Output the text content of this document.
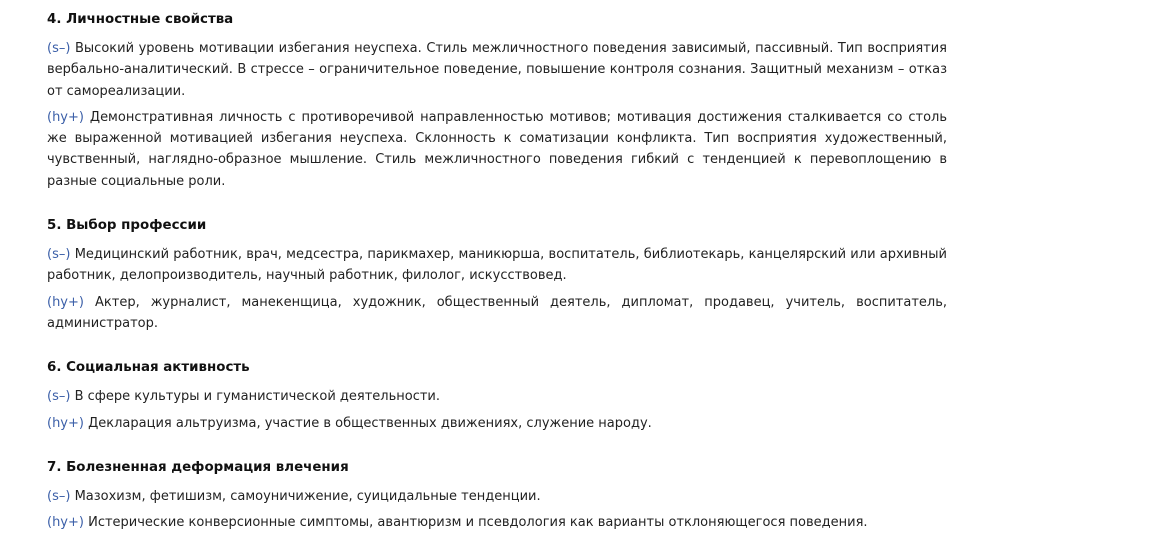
4. Личностные свойства

(s–) Высокий уровень мотивации избегания неуспеха. Стиль межличностного поведения зависимый, пассивный. Тип восприятия вербально-аналитический. В стрессе – ограничительное поведение, повышение контроля сознания. Защитный механизм – отказ от самореализации.

(hy+) Демонстративная личность с противоречивой направленностью мотивов; мотивация достижения сталкивается со столь же выраженной мотивацией избегания неуспеха. Склонность к соматизации конфликта. Тип восприятия художественный, чувственный, наглядно-образное мышление. Стиль межличностного поведения гибкий с тенденцией к перевоплощению в разные социальные роли.

5. Выбор профессии

(s–) Медицинский работник, врач, медсестра, парикмахер, маникюрша, воспитатель, библиотекарь, канцелярский или архивный работник, делопроизводитель, научный работник, филолог, искусствовед.

(hy+) Актер, журналист, манекенщица, художник, общественный деятель, дипломат, продавец, учитель, воспитатель, администратор.

6. Социальная активность

(s–) В сфере культуры и гуманистической деятельности.

(hy+) Декларация альтруизма, участие в общественных движениях, служение народу.

7. Болезненная деформация влечения

(s–) Мазохизм, фетишизм, самоуничижение, суицидальные тенденции.

(hy+) Истерические конверсионные симптомы, авантюризм и псевдология как варианты отклоняющегося поведения.
